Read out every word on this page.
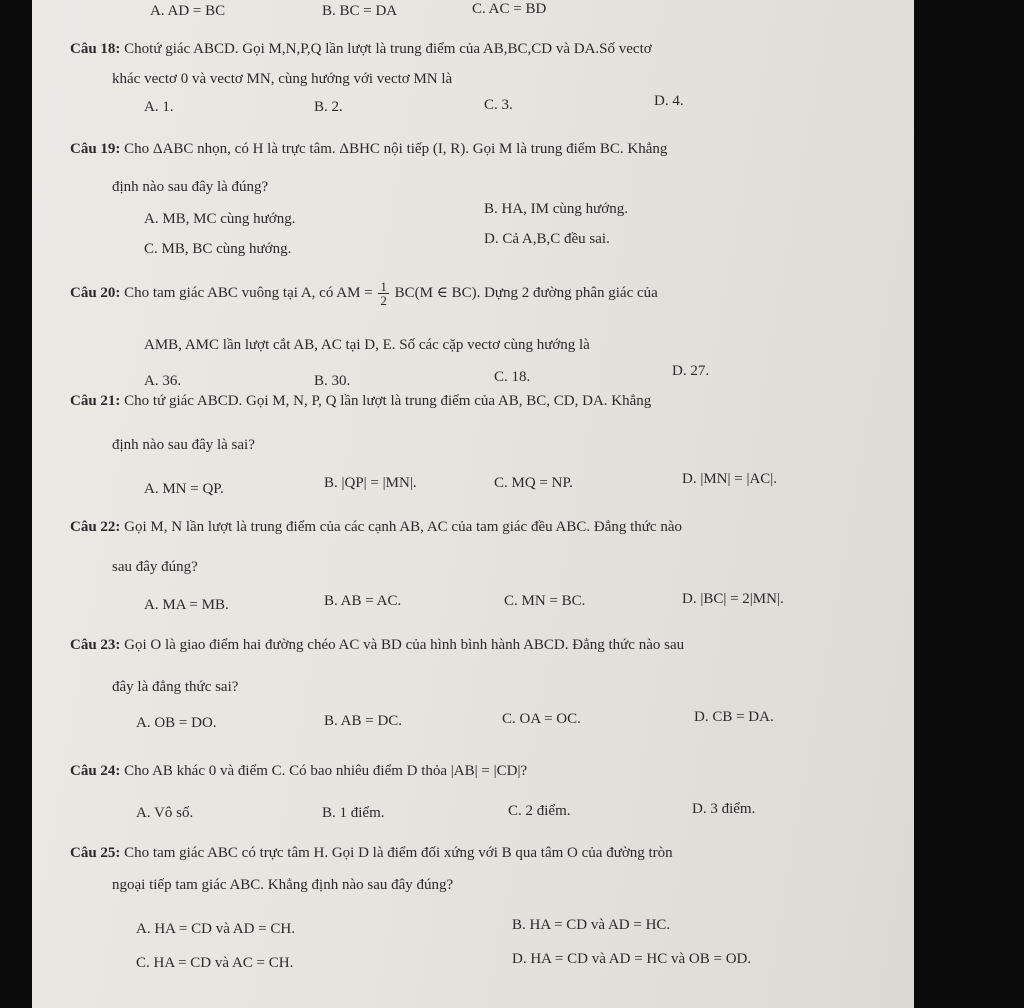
A. AD = BC	B. BC = DA	C. AC = BD
Câu 18: Chotứ giác ABCD. Gọi M,N,P,Q lần lượt là trung điểm của AB,BC,CD và DA.Số vectơ
khác vectơ 0 và vectơ MN, cùng hướng với vectơ MN là
A. 1.	B. 2.	C. 3.	D. 4.
Câu 19: Cho ΔABC nhọn, có H là trực tâm. ΔBHC nội tiếp (I, R). Gọi M là trung điểm BC. Khẳng
định nào sau đây là đúng?
A. MB, MC cùng hướng.
B. HA, IM cùng hướng.
C. MB, BC cùng hướng.
D. Cả A,B,C đều sai.
Câu 20: Cho tam giác ABC vuông tại A, có AM = $\frac{1}{2} BC(M$ ∈ BC). Dựng 2 đường phân giác của
AMB, AMC lần lượt cắt AB, AC tại D, E. Số các cặp vectơ cùng hướng là
A. 36.	B. 30.	C. 18.	D. 27.
Câu 21: Cho tứ giác ABCD. Gọi M, N, P, Q lần lượt là trung điểm của AB, BC, CD, DA. Khẳng
định nào sau đây là sai?
A. MN = QP.	B. |QP| = |MN|.	C. MQ = NP.	D. |MN| = |AC|.
Câu 22: Gọi M, N lần lượt là trung điểm của các cạnh AB, AC của tam giác đều ABC. Đẳng thức nào
sau đây đúng?
A. MA = MB.	B. AB = AC.	C. MN = BC.	D. |BC| = 2|MN|.
Câu 23: Gọi O là giao điểm hai đường chéo AC và BD của hình bình hành ABCD. Đẳng thức nào sau
đây là đẳng thức sai?
A. OB = DO.	B. AB = DC.	C. OA = OC.	D. CB = DA.
Câu 24: Cho AB khác 0 và điểm C. Có bao nhiêu điểm D thỏa |AB| = |CD|?
A. Vô số.	B. 1 điểm.	C. 2 điểm.	D. 3 điểm.
Câu 25: Cho tam giác ABC có trực tâm H. Gọi D là điểm đối xứng với B qua tâm O của đường tròn
ngoại tiếp tam giác ABC. Khẳng định nào sau đây đúng?
A. HA = CD và AD = CH.	B. HA = CD và AD = HC.
C. HA = CD và AC = CH.	D. HA = CD và AD = HC và OB = OD.
